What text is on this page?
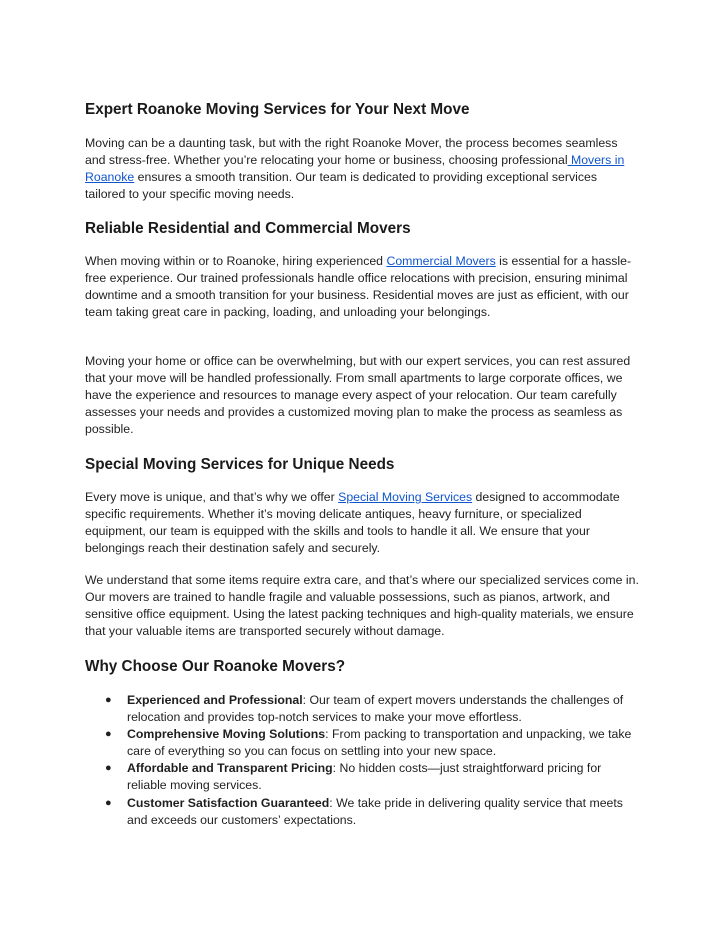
Expert Roanoke Moving Services for Your Next Move

Moving can be a daunting task, but with the right Roanoke Mover, the process becomes seamless and stress-free. Whether you’re relocating your home or business, choosing professional Movers in Roanoke ensures a smooth transition. Our team is dedicated to providing exceptional services tailored to your specific moving needs.

Reliable Residential and Commercial Movers

When moving within or to Roanoke, hiring experienced Commercial Movers is essential for a hassle-free experience. Our trained professionals handle office relocations with precision, ensuring minimal downtime and a smooth transition for your business. Residential moves are just as efficient, with our team taking great care in packing, loading, and unloading your belongings.

Moving your home or office can be overwhelming, but with our expert services, you can rest assured that your move will be handled professionally. From small apartments to large corporate offices, we have the experience and resources to manage every aspect of your relocation. Our team carefully assesses your needs and provides a customized moving plan to make the process as seamless as possible.

Special Moving Services for Unique Needs

Every move is unique, and that’s why we offer Special Moving Services designed to accommodate specific requirements. Whether it’s moving delicate antiques, heavy furniture, or specialized equipment, our team is equipped with the skills and tools to handle it all. We ensure that your belongings reach their destination safely and securely.

We understand that some items require extra care, and that’s where our specialized services come in. Our movers are trained to handle fragile and valuable possessions, such as pianos, artwork, and sensitive office equipment. Using the latest packing techniques and high-quality materials, we ensure that your valuable items are transported securely without damage.

Why Choose Our Roanoke Movers?
● Experienced and Professional: Our team of expert movers understands the challenges of relocation and provides top-notch services to make your move effortless.
● Comprehensive Moving Solutions: From packing to transportation and unpacking, we take care of everything so you can focus on settling into your new space.
● Affordable and Transparent Pricing: No hidden costs—just straightforward pricing for reliable moving services.
● Customer Satisfaction Guaranteed: We take pride in delivering quality service that meets and exceeds our customers’ expectations.
